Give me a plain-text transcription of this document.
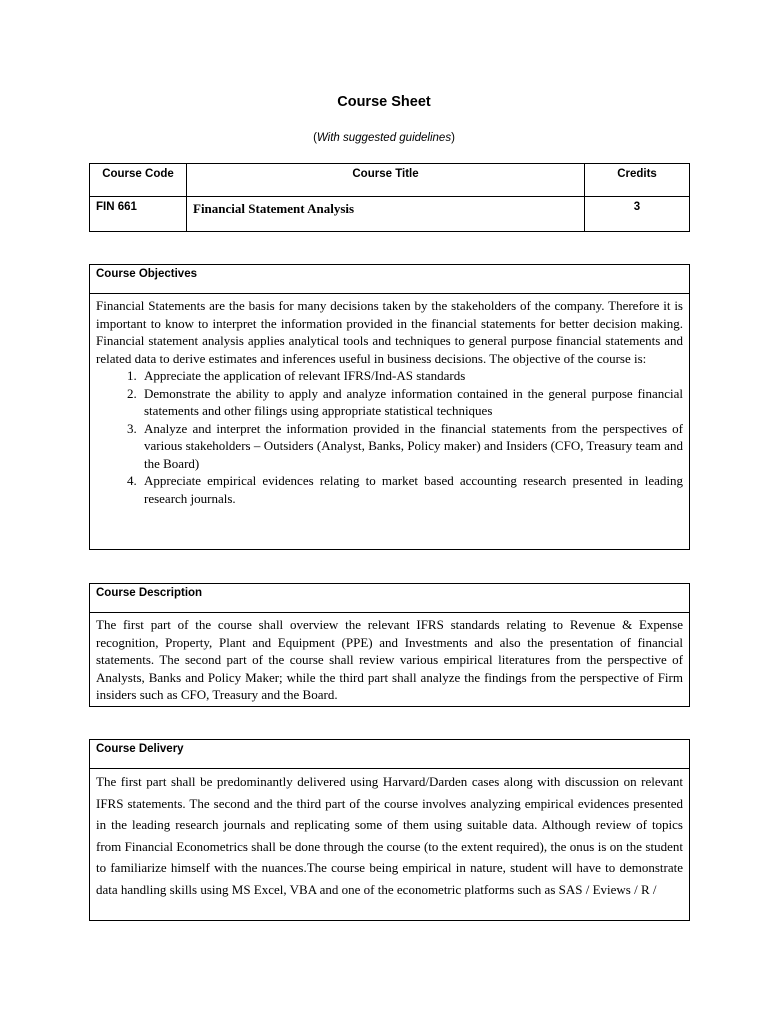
Course Sheet
(With suggested guidelines)
Course Code	Course Title	Credits
FIN 661	Financial Statement Analysis	3
Course Objectives
Financial Statements are the basis for many decisions taken by the stakeholders of the company. Therefore it is important to know to interpret the information provided in the financial statements for better decision making. Financial statement analysis applies analytical tools and techniques to general purpose financial statements and related data to derive estimates and inferences useful in business decisions. The objective of the course is:
1. Appreciate the application of relevant IFRS/Ind-AS standards
2. Demonstrate the ability to apply and analyze information contained in the general purpose financial statements and other filings using appropriate statistical techniques
3. Analyze and interpret the information provided in the financial statements from the perspectives of various stakeholders – Outsiders (Analyst, Banks, Policy maker) and Insiders (CFO, Treasury team and the Board)
4. Appreciate empirical evidences relating to market based accounting research presented in leading research journals.
Course Description
The first part of the course shall overview the relevant IFRS standards relating to Revenue & Expense recognition, Property, Plant and Equipment (PPE) and Investments and also the presentation of financial statements. The second part of the course shall review various empirical literatures from the perspective of Analysts, Banks and Policy Maker; while the third part shall analyze the findings from the perspective of Firm insiders such as CFO, Treasury and the Board.
Course Delivery
The first part shall be predominantly delivered using Harvard/Darden cases along with discussion on relevant IFRS statements. The second and the third part of the course involves analyzing empirical evidences presented in the leading research journals and replicating some of them using suitable data. Although review of topics from Financial Econometrics shall be done through the course (to the extent required), the onus is on the student to familiarize himself with the nuances.The course being empirical in nature, student will have to demonstrate data handling skills using MS Excel, VBA and one of the econometric platforms such as SAS / Eviews / R /
